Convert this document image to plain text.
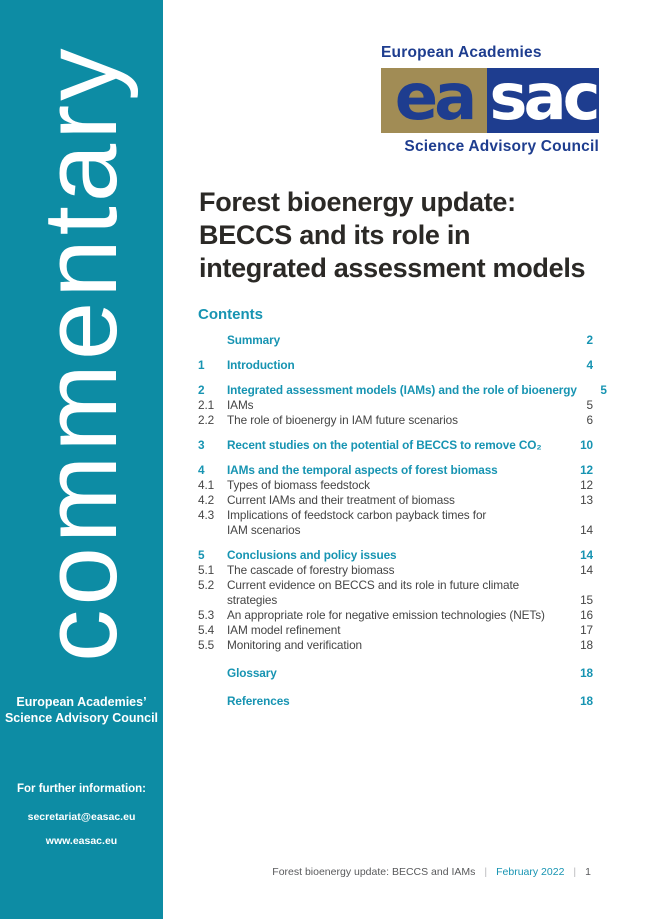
commentary
European Academies’
Science Advisory Council
For further information:
secretariat@easac.eu
www.easac.eu
European Academies
ea sac
Science Advisory Council
Forest bioenergy update:
BECCS and its role in
integrated assessment models
Contents
Summary	2
1	Introduction	4
2	Integrated assessment models (IAMs) and the role of bioenergy	5
2.1	IAMs	5
2.2	The role of bioenergy in IAM future scenarios	6
3	Recent studies on the potential of BECCS to remove CO₂	10
4	IAMs and the temporal aspects of forest biomass	12
4.1	Types of biomass feedstock	12
4.2	Current IAMs and their treatment of biomass	13
4.3	Implications of feedstock carbon payback times for
IAM scenarios	14
5	Conclusions and policy issues	14
5.1	The cascade of forestry biomass	14
5.2	Current evidence on BECCS and its role in future climate
strategies	15
5.3	An appropriate role for negative emission technologies (NETs)	16
5.4	IAM model refinement	17
5.5	Monitoring and verification	18
Glossary	18
References	18
Forest bioenergy update: BECCS and IAMs | February 2022 | 1
